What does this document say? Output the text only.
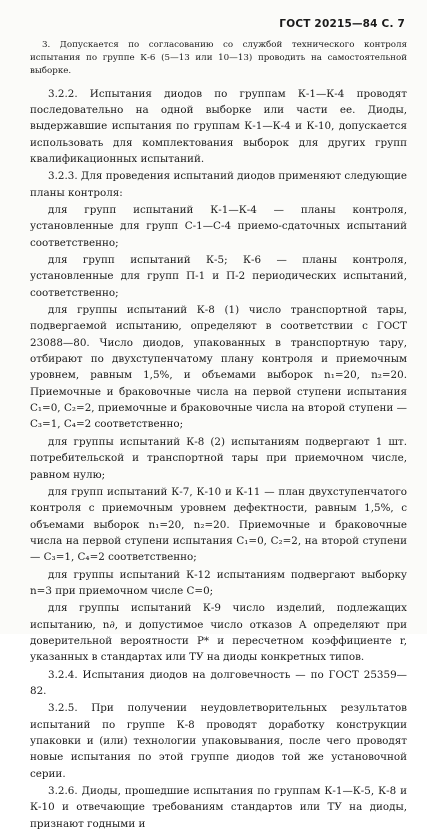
ГОСТ 20215—84 С. 7

3. Допускается по согласованию со службой технического контроля испытания по группе К-6 (5—13 или 10—13) проводить на самостоятельной выборке.

3.2.2. Испытания диодов по группам К-1—К-4 проводят последовательно на одной выборке или части ее. Диоды, выдержавшие испытания по группам К-1—К-4 и К-10, допускается использовать для комплектования выборок для других групп квалификационных испытаний.

3.2.3. Для проведения испытаний диодов применяют следующие планы контроля:

для групп испытаний К-1—К-4 — планы контроля, установленные для групп С-1—С-4 приемо-сдаточных испытаний соответственно;

для групп испытаний К-5; К-6 — планы контроля, установленные для групп П-1 и П-2 периодических испытаний, соответственно;

для группы испытаний К-8 (1) число транспортной тары, подвергаемой испытанию, определяют в соответствии с ГОСТ 23088—80. Число диодов, упакованных в транспортную тару, отбирают по двухступенчатому плану контроля и приемочным уровнем, равным 1,5%, и объемами выборок n₁=20, n₂=20. Приемочные и браковочные числа на первой ступени испытания C₁=0, C₂=2, приемочные и браковочные числа на второй ступени — C₃=1, C₄=2 соответственно;

для группы испытаний К-8 (2) испытаниям подвергают 1 шт. потребительской и транспортной тары при приемочном числе, равном нулю;

для групп испытаний К-7, К-10 и К-11 — план двухступенчатого контроля с приемочным уровнем дефектности, равным 1,5%, с объемами выборок n₁=20, n₂=20. Приемочные и браковочные числа на первой ступени испытания C₁=0, C₂=2, на второй ступени — C₃=1, C₄=2 соответственно;

для группы испытаний К-12 испытаниям подвергают выборку n=3 при приемочном числе C=0;

для группы испытаний К-9 число изделий, подлежащих испытанию, n∂, и допустимое число отказов A определяют при доверительной вероятности P* и пересчетном коэффициенте r, указанных в стандартах или ТУ на диоды конкретных типов.

3.2.4. Испытания диодов на долговечность — по ГОСТ 25359—82.

3.2.5. При получении неудовлетворительных результатов испытаний по группе К-8 проводят доработку конструкции упаковки и (или) технологии упаковывания, после чего проводят новые испытания по этой группе диодов той же установочной серии.

3.2.6. Диоды, прошедшие испытания по группам К-1—К-5, К-8 и К-10 и отвечающие требованиям стандартов или ТУ на диоды, признают годными и
